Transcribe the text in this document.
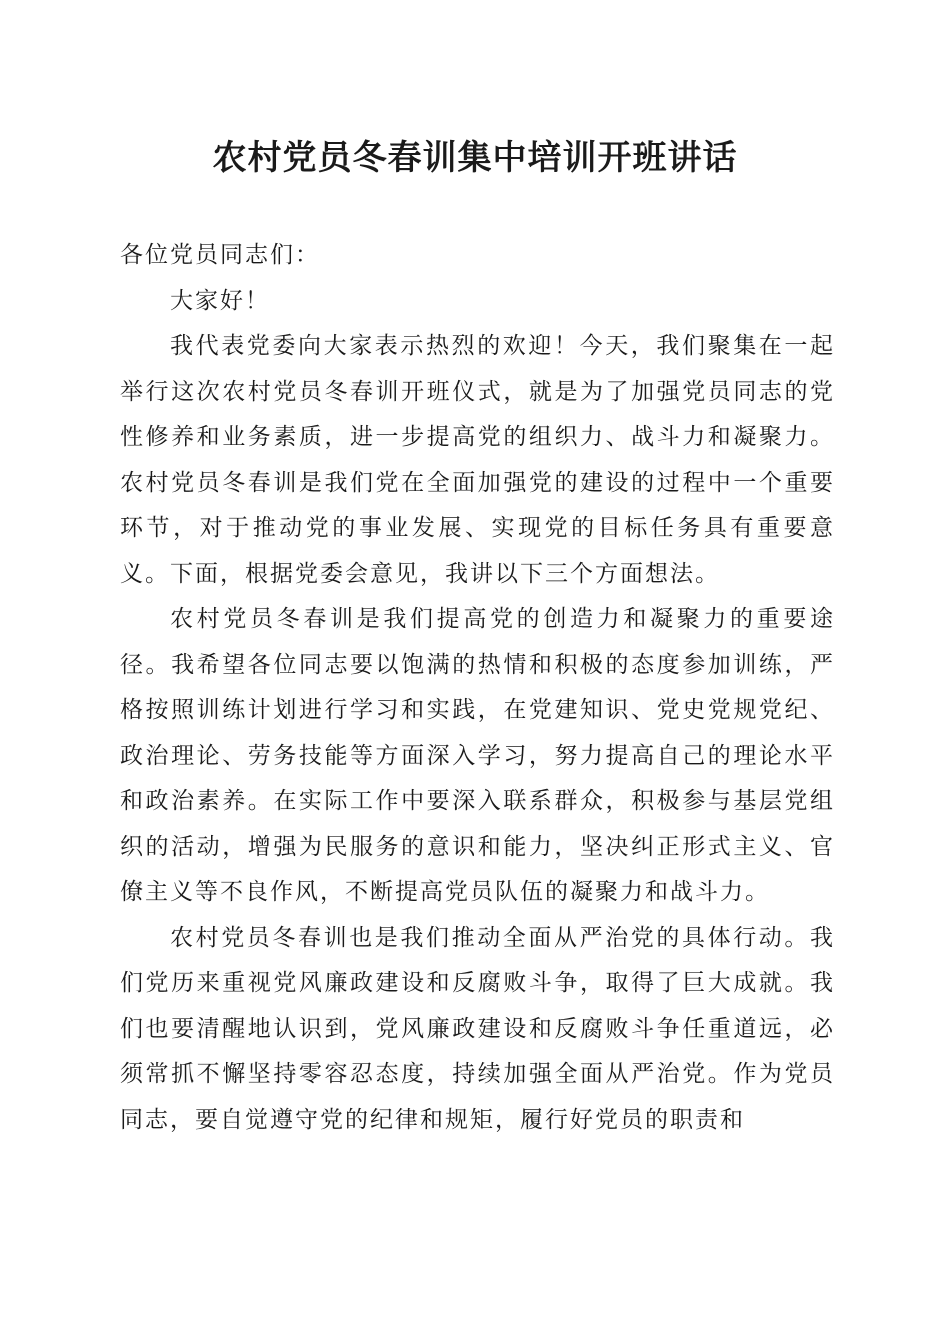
农村党员冬春训集中培训开班讲话

各位党员同志们：

大家好！

我代表党委向大家表示热烈的欢迎！今天，我们聚集在一起举行这次农村党员冬春训开班仪式，就是为了加强党员同志的党性修养和业务素质，进一步提高党的组织力、战斗力和凝聚力。农村党员冬春训是我们党在全面加强党的建设的过程中一个重要环节，对于推动党的事业发展、实现党的目标任务具有重要意义。下面，根据党委会意见，我讲以下三个方面想法。

农村党员冬春训是我们提高党的创造力和凝聚力的重要途径。我希望各位同志要以饱满的热情和积极的态度参加训练，严格按照训练计划进行学习和实践，在党建知识、党史党规党纪、政治理论、劳务技能等方面深入学习，努力提高自己的理论水平和政治素养。在实际工作中要深入联系群众，积极参与基层党组织的活动，增强为民服务的意识和能力，坚决纠正形式主义、官僚主义等不良作风，不断提高党员队伍的凝聚力和战斗力。

农村党员冬春训也是我们推动全面从严治党的具体行动。我们党历来重视党风廉政建设和反腐败斗争，取得了巨大成就。我们也要清醒地认识到，党风廉政建设和反腐败斗争任重道远，必须常抓不懈坚持零容忍态度，持续加强全面从严治党。作为党员同志，要自觉遵守党的纪律和规矩，履行好党员的职责和
